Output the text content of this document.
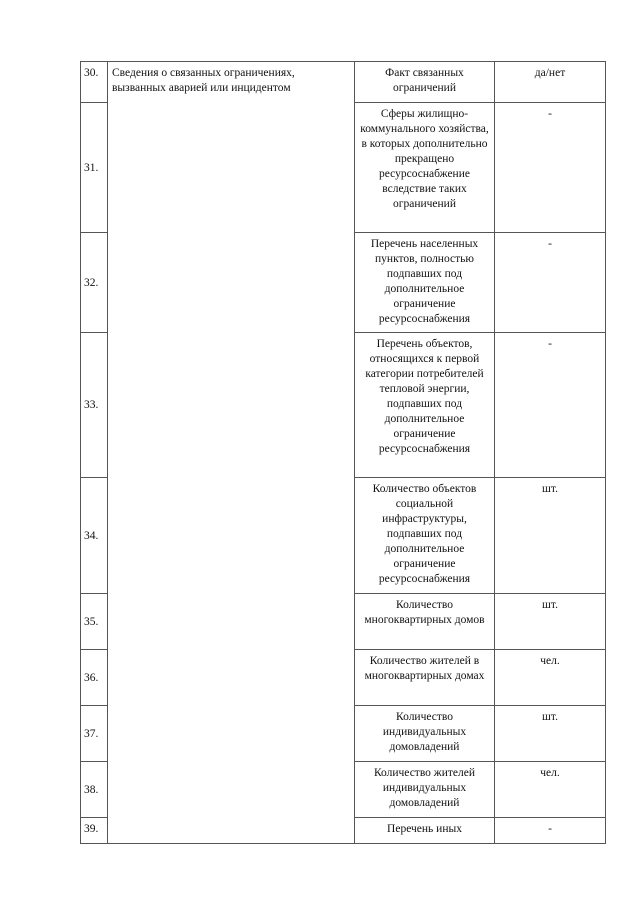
30.	Сведения о связанных ограничениях, вызванных аварией или инцидентом	Факт связанных ограничений	да/нет
31.		Сферы жилищно-коммунального хозяйства, в которых дополнительно прекращено ресурсоснабжение вследствие таких ограничений	-
32.		Перечень населенных пунктов, полностью подпавших под дополнительное ограничение ресурсоснабжения	-
33.		Перечень объектов, относящихся к первой категории потребителей тепловой энергии, подпавших под дополнительное ограничение ресурсоснабжения	-
34.		Количество объектов социальной инфраструктуры, подпавших под дополнительное ограничение ресурсоснабжения	шт.
35.		Количество многоквартирных домов	шт.
36.		Количество жителей в многоквартирных домах	чел.
37.		Количество индивидуальных домовладений	шт.
38.		Количество жителей индивидуальных домовладений	чел.
39.		Перечень иных	-
